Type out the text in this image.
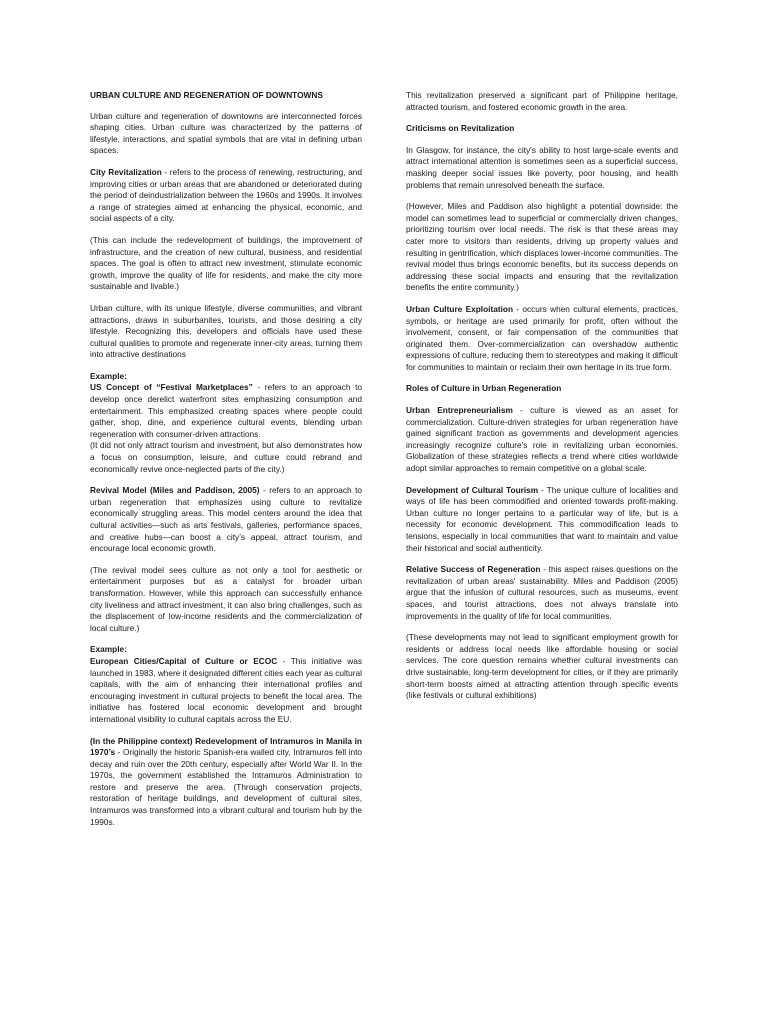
URBAN CULTURE AND REGENERATION OF DOWNTOWNS

Urban culture and regeneration of downtowns are interconnected forces shaping cities. Urban culture was characterized by the patterns of lifestyle, interactions, and spatial symbols that are vital in defining urban spaces.

City Revitalization - refers to the process of renewing, restructuring, and improving cities or urban areas that are abandoned or deteriorated during the period of deindustrialization between the 1960s and 1990s. It involves a range of strategies aimed at enhancing the physical, economic, and social aspects of a city.

(This can include the redevelopment of buildings, the improvement of infrastructure, and the creation of new cultural, business, and residential spaces. The goal is often to attract new investment, stimulate economic growth, improve the quality of life for residents, and make the city more sustainable and livable.)

Urban culture, with its unique lifestyle, diverse communities, and vibrant attractions, draws in suburbanites, tourists, and those desiring a city lifestyle. Recognizing this, developers and officials have used these cultural qualities to promote and regenerate inner-city areas, turning them into attractive destinations

Example:

US Concept of “Festival Marketplaces” - refers to an approach to develop once derelict waterfront sites emphasizing consumption and entertainment. This emphasized creating spaces where people could gather, shop, dine, and experience cultural events, blending urban regeneration with consumer-driven attractions.

(It did not only attract tourism and investment, but also demonstrates how a focus on consumption, leisure, and culture could rebrand and economically revive once-neglected parts of the city.)

Revival Model (Miles and Paddison, 2005) - refers to an approach to urban regeneration that emphasizes using culture to revitalize economically struggling areas. This model centers around the idea that cultural activities—such as arts festivals, galleries, performance spaces, and creative hubs—can boost a city’s appeal, attract tourism, and encourage local economic growth.

(The revival model sees culture as not only a tool for aesthetic or entertainment purposes but as a catalyst for broader urban transformation. However, while this approach can successfully enhance city liveliness and attract investment, it can also bring challenges, such as the displacement of low-income residents and the commercialization of local culture.)

Example:

European Cities/Capital of Culture or ECOC - This initiative was launched in 1983, where it designated different cities each year as cultural capitals, with the aim of enhancing their international profiles and encouraging investment in cultural projects to benefit the local area. The initiative has fostered local economic development and brought international visibility to cultural capitals across the EU.

(In the Philippine context) Redevelopment of Intramuros in Manila in 1970’s - Originally the historic Spanish-era walled city, Intramuros fell into decay and ruin over the 20th century, especially after World War II. In the 1970s, the government established the Intramuros Administration to restore and preserve the area. (Through conservation projects, restoration of heritage buildings, and development of cultural sites, Intramuros was transformed into a vibrant cultural and tourism hub by the 1990s.

This revitalization preserved a significant part of Philippine heritage, attracted tourism, and fostered economic growth in the area.

Criticisms on Revitalization

In Glasgow, for instance, the city's ability to host large-scale events and attract international attention is sometimes seen as a superficial success, masking deeper social issues like poverty, poor housing, and health problems that remain unresolved beneath the surface.

(However, Miles and Paddison also highlight a potential downside: the model can sometimes lead to superficial or commercially driven changes, prioritizing tourism over local needs. The risk is that these areas may cater more to visitors than residents, driving up property values and resulting in gentrification, which displaces lower-income communities. The revival model thus brings economic benefits, but its success depends on addressing these social impacts and ensuring that the revitalization benefits the entire community.)

Urban Culture Exploitation - occurs when cultural elements, practices, symbols, or heritage are used primarily for profit, often without the involvement, consent, or fair compensation of the communities that originated them. Over-commercialization can overshadow authentic expressions of culture, reducing them to stereotypes and making it difficult for communities to maintain or reclaim their own heritage in its true form.

Roles of Culture in Urban Regeneration

Urban Entrepreneurialism - culture is viewed as an asset for commercialization. Culture-driven strategies for urban regeneration have gained significant traction as governments and development agencies increasingly recognize culture's role in revitalizing urban economies. Globalization of these strategies reflects a trend where cities worldwide adopt similar approaches to remain competitive on a global scale.

Development of Cultural Tourism - The unique culture of localities and ways of life has been commodified and oriented towards profit-making. Urban culture no longer pertains to a particular way of life, but is a necessity for economic development. This commodification leads to tensions, especially in local communities that want to maintain and value their historical and social authenticity.

Relative Success of Regeneration - this aspect raises questions on the revitalization of urban areas' sustainability. Miles and Paddison (2005) argue that the infusion of cultural resources, such as museums, event spaces, and tourist attractions, does not always translate into improvements in the quality of life for local communities.

(These developments may not lead to significant employment growth for residents or address local needs like affordable housing or social services. The core question remains whether cultural investments can drive sustainable, long-term development for cities, or if they are primarily short-term boosts aimed at attracting attention through specific events (like festivals or cultural exhibitions)
